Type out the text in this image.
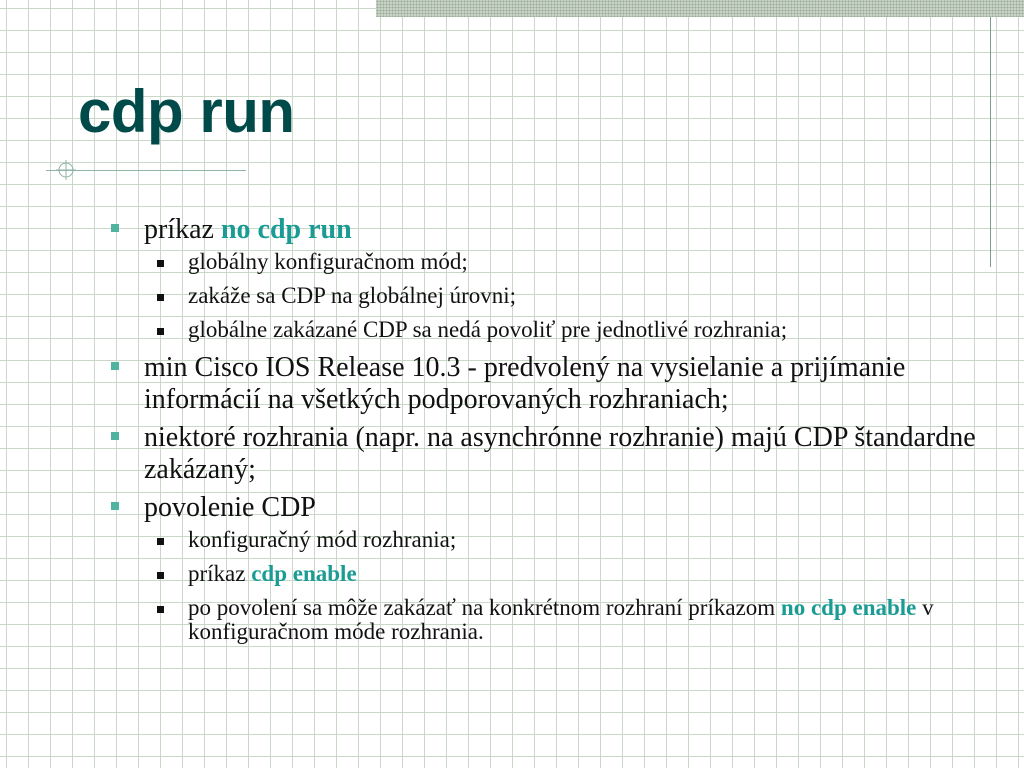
cdp run
príkaz no cdp run
globálny konfiguračnom mód;
zakáže sa CDP na globálnej úrovni;
globálne zakázané CDP sa nedá povoliť pre jednotlivé rozhrania;
min Cisco IOS Release 10.3 - predvolený na vysielanie a prijímanie informácií na všetkých podporovaných rozhraniach;
niektoré rozhrania (napr. na asynchrónne rozhranie) majú CDP štandardne zakázaný;
povolenie CDP
konfiguračný mód rozhrania;
príkaz cdp enable
po povolení sa môže zakázať na konkrétnom rozhraní príkazom no cdp enable v konfiguračnom móde rozhrania.
